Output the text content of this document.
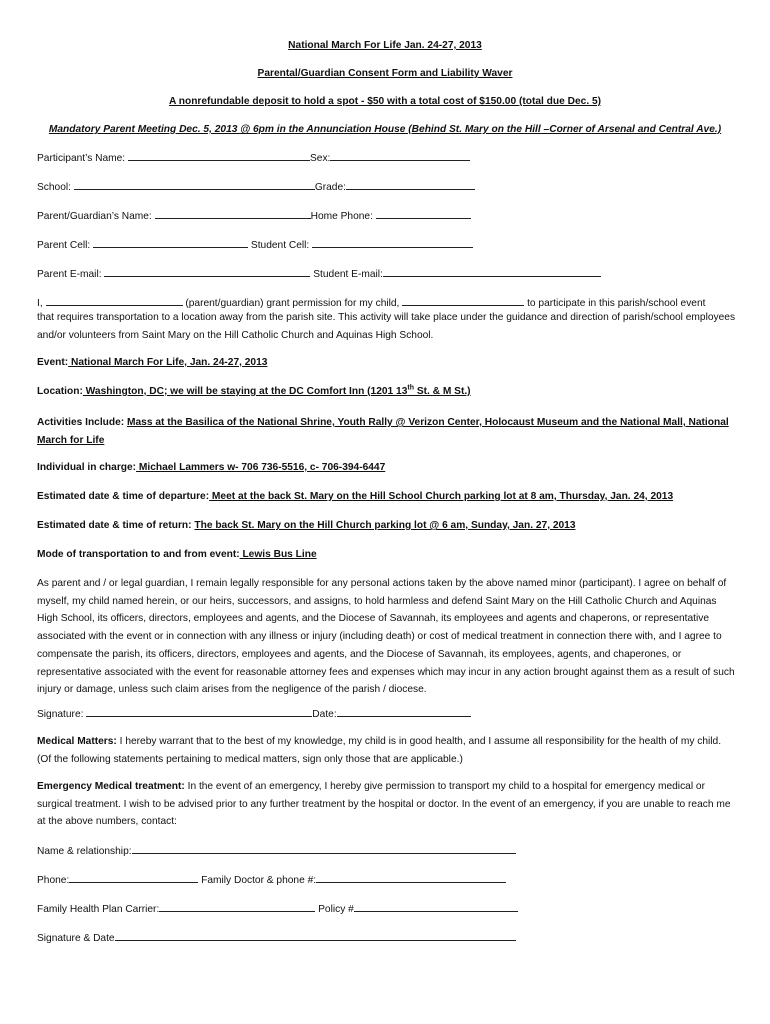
National March For Life Jan. 24-27, 2013
Parental/Guardian Consent Form and Liability Waver
A nonrefundable deposit to hold a spot - $50 with a total cost of $150.00 (total due Dec. 5)
Mandatory Parent Meeting Dec. 5, 2013 @ 6pm in the Annunciation House (Behind St. Mary on the Hill –Corner of Arsenal and Central Ave.)
Participant’s Name:	Sex:
School:	Grade:
Parent/Guardian’s Name:	Home Phone:
Parent Cell:	Student Cell:
Parent E-mail:	Student E-mail:
I,	(parent/guardian) grant permission for my child,	to participate in this parish/school event
that requires transportation to a location away from the parish site. This activity will take place under the guidance and direction of parish/school employees and/or volunteers from Saint Mary on the Hill Catholic Church and Aquinas High School.
Event: National March For Life, Jan. 24-27, 2013
Location: Washington, DC; we will be staying at the DC Comfort Inn (1201 13th St. & M St.)
Activities Include: Mass at the Basilica of the National Shrine, Youth Rally @ Verizon Center, Holocaust Museum and the National Mall, National March for Life
Individual in charge: Michael Lammers w- 706 736-5516, c- 706-394-6447
Estimated date & time of departure: Meet at the back St. Mary on the Hill School Church parking lot at 8 am, Thursday, Jan. 24, 2013
Estimated date & time of return: The back St. Mary on the Hill Church parking lot @ 6 am, Sunday, Jan. 27, 2013
Mode of transportation to and from event: Lewis Bus Line
As parent and / or legal guardian, I remain legally responsible for any personal actions taken by the above named minor (participant). I agree on behalf of myself, my child named herein, or our heirs, successors, and assigns, to hold harmless and defend Saint Mary on the Hill Catholic Church and Aquinas High School, its officers, directors, employees and agents, and the Diocese of Savannah, its employees and agents and chaperons, or representative associated with the event or in connection with any illness or injury (including death) or cost of medical treatment in connection there with, and I agree to compensate the parish, its officers, directors, employees and agents, and the Diocese of Savannah, its employees, agents, and chaperones, or representative associated with the event for reasonable attorney fees and expenses which may incur in any action brought against them as a result of such injury or damage, unless such claim arises from the negligence of the parish / diocese.
Signature:	Date:
Medical Matters: I hereby warrant that to the best of my knowledge, my child is in good health, and I assume all responsibility for the health of my child. (Of the following statements pertaining to medical matters, sign only those that are applicable.)
Emergency Medical treatment: In the event of an emergency, I hereby give permission to transport my child to a hospital for emergency medical or surgical treatment. I wish to be advised prior to any further treatment by the hospital or doctor. In the event of an emergency, if you are unable to reach me at the above numbers, contact:
Name & relationship:
Phone:	Family Doctor & phone #:
Family Health Plan Carrier:	Policy #
Signature & Date
